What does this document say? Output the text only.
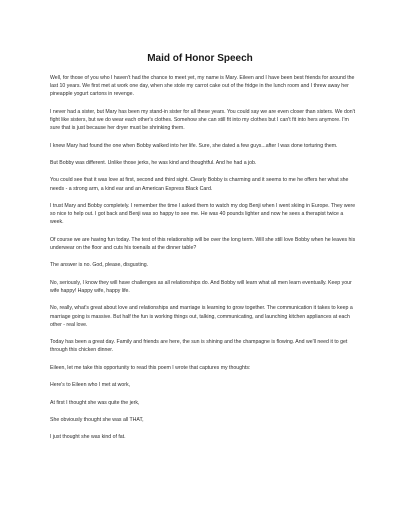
Maid of Honor Speech

Well, for those of you who I haven't had the chance to meet yet, my name is Mary. Eileen and I have been best friends for around the last 10 years. We first met at work one day, when she stole my carrot cake out of the fridge in the lunch room and I threw away her pineapple yogurt cartons in revenge.

I never had a sister, but Mary has been my stand-in sister for all these years. You could say we are even closer than sisters. We don't fight like sisters, but we do wear each other's clothes. Somehow she can still fit into my clothes but I can't fit into hers anymore. I'm sure that is just because her dryer must be shrinking them.

I knew Mary had found the one when Bobby walked into her life. Sure, she dated a few guys...after I was done torturing them.

But Bobby was different. Unlike those jerks, he was kind and thoughtful. And he had a job.

You could see that it was love at first, second and third sight. Clearly Bobby is charming and it seems to me he offers her what she needs - a strong arm, a kind ear and an American Express Black Card.

I trust Mary and Bobby completely. I remember the time I asked them to watch my dog Benji when I went skiing in Europe. They were so nice to help out. I got back and Benji was so happy to see me. He was 40 pounds lighter and now he sees a therapist twice a week.

Of course we are having fun today. The test of this relationship will be over the long term. Will she still love Bobby when he leaves his underwear on the floor and cuts his toenails at the dinner table?

The answer is no. God, please, disgusting.

No, seriously, I know they will have challenges as all relationships do. And Bobby will learn what all men learn eventually. Keep your wife happy! Happy wife, happy life.

No, really, what's great about love and relationships and marriage is learning to grow together. The communication it takes to keep a marriage going is massive. But half the fun is working things out, talking, communicating, and launching kitchen appliances at each other - real love.

Today has been a great day. Family and friends are here, the sun is shining and the champagne is flowing. And we'll need it to get through this chicken dinner.

Eileen, let me take this opportunity to read this poem I wrote that captures my thoughts:

Here's to Eileen who I met at work,

At first I thought she was quite the jerk,

She obviously thought she was all THAT,

I just thought she was kind of fat.
